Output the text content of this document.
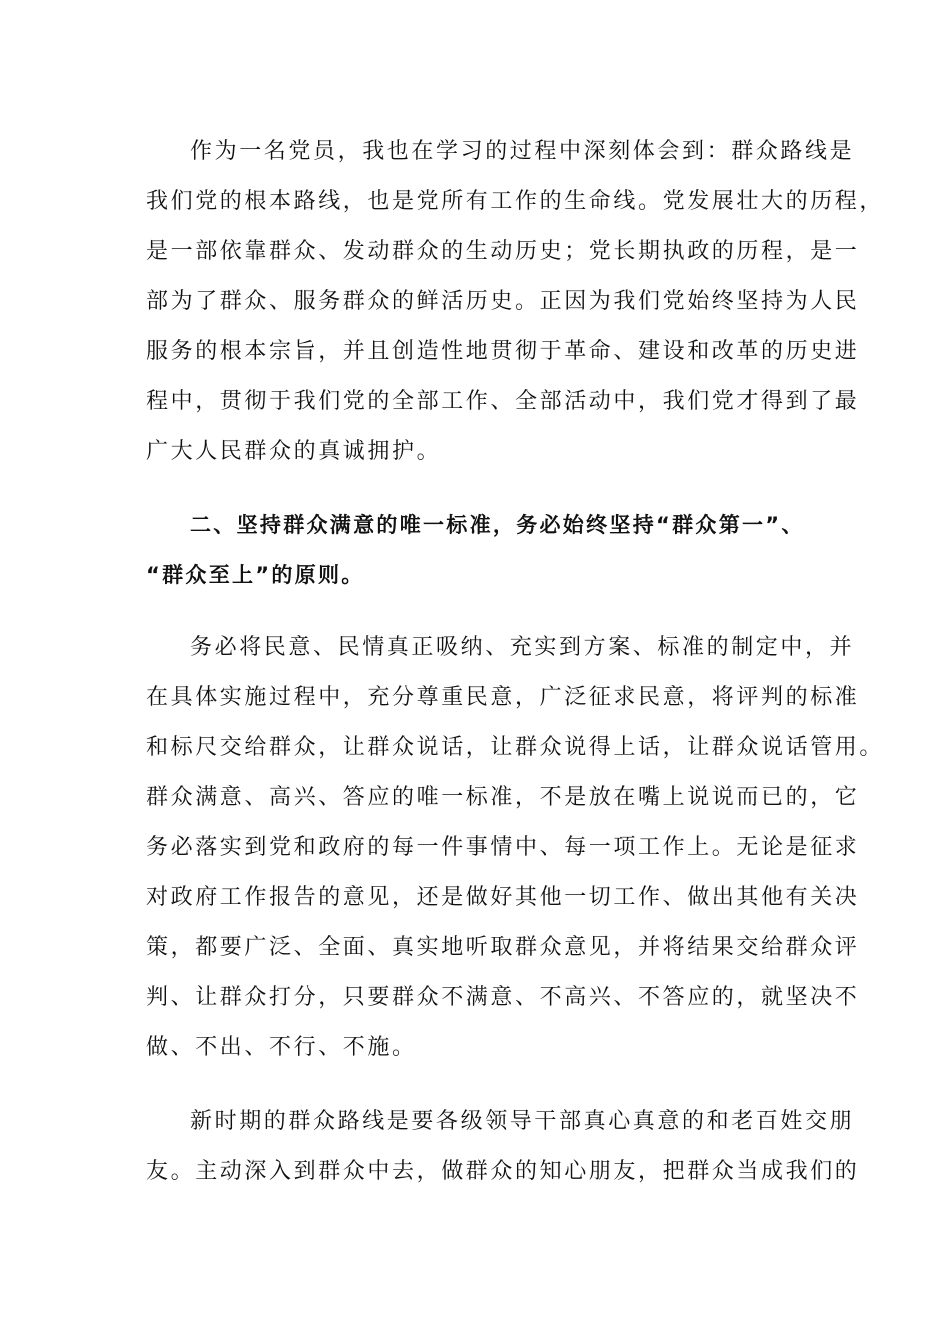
作为一名党员，我也在学习的过程中深刻体会到：群众路线是
我们党的根本路线，也是党所有工作的生命线。党发展壮大的历程，
是一部依靠群众、发动群众的生动历史；党长期执政的历程，是一
部为了群众、服务群众的鲜活历史。正因为我们党始终坚持为人民
服务的根本宗旨，并且创造性地贯彻于革命、建设和改革的历史进
程中，贯彻于我们党的全部工作、全部活动中，我们党才得到了最
广大人民群众的真诚拥护。
二、坚持群众满意的唯一标准，务必始终坚持“群众第一”、
“群众至上”的原则。
务必将民意、民情真正吸纳、充实到方案、标准的制定中，并
在具体实施过程中，充分尊重民意，广泛征求民意，将评判的标准
和标尺交给群众，让群众说话，让群众说得上话，让群众说话管用。
群众满意、高兴、答应的唯一标准，不是放在嘴上说说而已的，它
务必落实到党和政府的每一件事情中、每一项工作上。无论是征求
对政府工作报告的意见，还是做好其他一切工作、做出其他有关决
策，都要广泛、全面、真实地听取群众意见，并将结果交给群众评
判、让群众打分，只要群众不满意、不高兴、不答应的，就坚决不
做、不出、不行、不施。
新时期的群众路线是要各级领导干部真心真意的和老百姓交朋
友。主动深入到群众中去，做群众的知心朋友，把群众当成我们的
